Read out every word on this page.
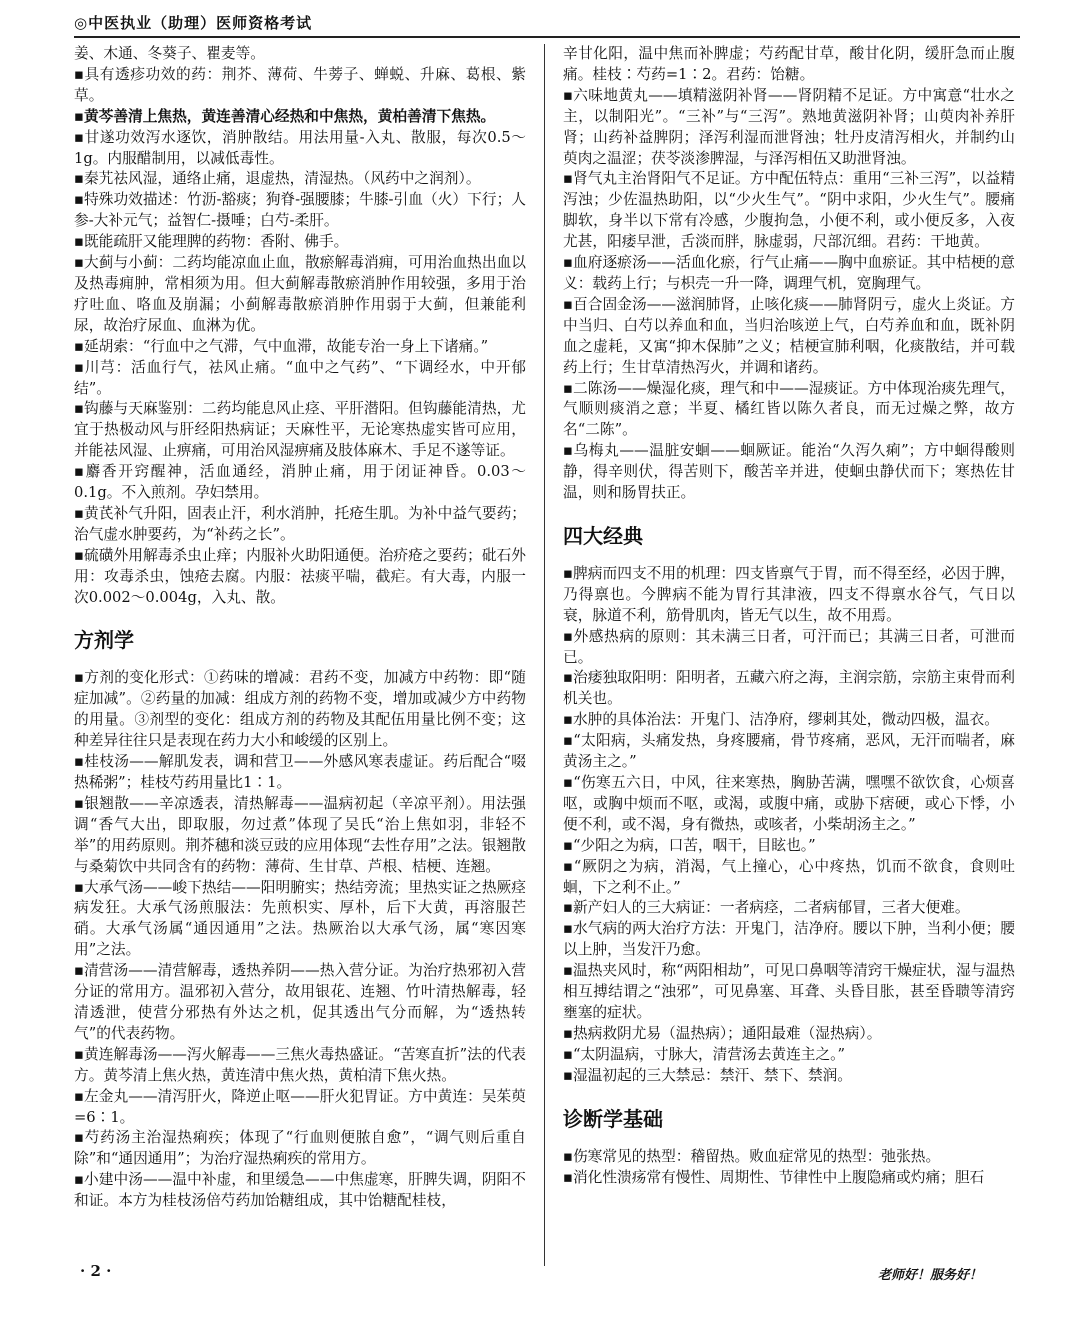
◎中医执业（助理）医师资格考试

姜、木通、冬葵子、瞿麦等。

▪具有透疹功效的药：荆芥、薄荷、牛蒡子、蝉蜕、升麻、葛根、紫草。

▪黄芩善清上焦热，黄连善清心经热和中焦热，黄柏善清下焦热。

▪甘遂功效泻水逐饮，消肿散结。用法用量-入丸、散服，每次0.5～1g。内服醋制用，以减低毒性。

▪秦艽祛风湿，通络止痛，退虚热，清湿热。（风药中之润剂）。

▪特殊功效描述：竹沥-豁痰；狗脊-强腰膝；牛膝-引血（火）下行；人参-大补元气；益智仁-摄唾；白芍-柔肝。

▪既能疏肝又能理脾的药物：香附、佛手。

▪大蓟与小蓟：二药均能凉血止血，散瘀解毒消痈，可用治血热出血以及热毒痈肿，常相须为用。但大蓟解毒散瘀消肿作用较强，多用于治疗吐血、咯血及崩漏；小蓟解毒散瘀消肿作用弱于大蓟，但兼能利尿，故治疗尿血、血淋为优。

▪延胡索：“行血中之气滞，气中血滞，故能专治一身上下诸痛。”

▪川芎：活血行气，祛风止痛。“血中之气药”、“下调经水，中开郁结”。

▪钩藤与天麻鉴别：二药均能息风止痉、平肝潜阳。但钩藤能清热，尤宜于热极动风与肝经阳热病证；天麻性平，无论寒热虚实皆可应用，并能祛风湿、止痹痛，可用治风湿痹痛及肢体麻木、手足不遂等证。

▪麝香开窍醒神，活血通经，消肿止痛，用于闭证神昏。0.03～0.1g。不入煎剂。孕妇禁用。

▪黄芪补气升阳，固表止汗，利水消肿，托疮生肌。为补中益气要药；治气虚水肿要药，为“补药之长”。

▪硫磺外用解毒杀虫止痒；内服补火助阳通便。治疥疮之要药；砒石外用：攻毒杀虫，蚀疮去腐。内服：祛痰平喘，截疟。有大毒，内服一次0.002～0.004g，入丸、散。

方剂学

▪方剂的变化形式：①药味的增减：君药不变，加减方中药物：即“随症加减”。②药量的加减：组成方剂的药物不变，增加或减少方中药物的用量。③剂型的变化：组成方剂的药物及其配伍用量比例不变；这种差异往往只是表现在药力大小和峻缓的区别上。

▪桂枝汤——解肌发表，调和营卫——外感风寒表虚证。药后配合“啜热稀粥”；桂枝芍药用量比1∶1。

▪银翘散——辛凉透表，清热解毒——温病初起（辛凉平剂）。用法强调“香气大出，即取服，勿过煮”体现了吴氏“治上焦如羽，非轻不举”的用药原则。荆芥穗和淡豆豉的应用体现“去性存用”之法。银翘散与桑菊饮中共同含有的药物：薄荷、生甘草、芦根、桔梗、连翘。

▪大承气汤——峻下热结——阳明腑实；热结旁流；里热实证之热厥痉病发狂。大承气汤煎服法：先煎枳实、厚朴，后下大黄，再溶服芒硝。大承气汤属“通因通用”之法。热厥治以大承气汤，属“寒因寒用”之法。

▪清营汤——清营解毒，透热养阴——热入营分证。为治疗热邪初入营分证的常用方。温邪初入营分，故用银花、连翘、竹叶清热解毒，轻清透泄，使营分邪热有外达之机，促其透出气分而解，为“透热转气”的代表药物。

▪黄连解毒汤——泻火解毒——三焦火毒热盛证。“苦寒直折”法的代表方。黄芩清上焦火热，黄连清中焦火热，黄柏清下焦火热。

▪左金丸——清泻肝火，降逆止呕——肝火犯胃证。方中黄连：吴茱萸=6∶1。

▪芍药汤主治湿热痢疾；体现了“行血则便脓自愈”，“调气则后重自除”和“通因通用”；为治疗湿热痢疾的常用方。

▪小建中汤——温中补虚，和里缓急——中焦虚寒，肝脾失调，阴阳不和证。本方为桂枝汤倍芍药加饴糖组成，其中饴糖配桂枝，

辛甘化阳，温中焦而补脾虚；芍药配甘草，酸甘化阴，缓肝急而止腹痛。桂枝∶芍药=1∶2。君药：饴糖。

▪六味地黄丸——填精滋阴补肾——肾阴精不足证。方中寓意“壮水之主，以制阳光”。“三补”与“三泻”。熟地黄滋阴补肾；山萸肉补养肝肾；山药补益脾阴；泽泻利湿而泄肾浊；牡丹皮清泻相火，并制约山萸肉之温涩；茯苓淡渗脾湿，与泽泻相伍又助泄肾浊。

▪肾气丸主治肾阳气不足证。方中配伍特点：重用“三补三泻”，以益精泻浊；少佐温热助阳，以“少火生气”。“阴中求阳，少火生气”。腰痛脚软，身半以下常有冷感，少腹拘急，小便不利，或小便反多，入夜尤甚，阳痿早泄，舌淡而胖，脉虚弱，尺部沉细。君药：干地黄。

▪血府逐瘀汤——活血化瘀，行气止痛——胸中血瘀证。其中桔梗的意义：载药上行；与枳壳一升一降，调理气机，宽胸理气。

▪百合固金汤——滋润肺肾，止咳化痰——肺肾阴亏，虚火上炎证。方中当归、白芍以养血和血，当归治咳逆上气，白芍养血和血，既补阴血之虚耗，又寓“抑木保肺”之义；桔梗宣肺利咽，化痰散结，并可载药上行；生甘草清热泻火，并调和诸药。

▪二陈汤——燥湿化痰，理气和中——湿痰证。方中体现治痰先理气，气顺则痰消之意；半夏、橘红皆以陈久者良，而无过燥之弊，故方名“二陈”。

▪乌梅丸——温脏安蛔——蛔厥证。能治“久泻久痢”；方中蛔得酸则静，得辛则伏，得苦则下，酸苦辛并进，使蛔虫静伏而下；寒热佐甘温，则和肠胃扶正。

四大经典

▪脾病而四支不用的机理：四支皆禀气于胃，而不得至经，必因于脾，乃得禀也。今脾病不能为胃行其津液，四支不得禀水谷气，气日以衰，脉道不利，筋骨肌肉，皆无气以生，故不用焉。

▪外感热病的原则：其未满三日者，可汗而已；其满三日者，可泄而已。

▪治痿独取阳明：阳明者，五藏六府之海，主润宗筋，宗筋主束骨而利机关也。

▪水肿的具体治法：开鬼门、洁净府，缪刺其处，微动四极，温衣。

▪“太阳病，头痛发热，身疼腰痛，骨节疼痛，恶风，无汗而喘者，麻黄汤主之。”

▪“伤寒五六日，中风，往来寒热，胸胁苦满，嘿嘿不欲饮食，心烦喜呕，或胸中烦而不呕，或渴，或腹中痛，或胁下痞硬，或心下悸，小便不利，或不渴，身有微热，或咳者，小柴胡汤主之。”

▪“少阳之为病，口苦，咽干，目眩也。”

▪“厥阴之为病，消渴，气上撞心，心中疼热，饥而不欲食，食则吐蛔，下之利不止。”

▪新产妇人的三大病证：一者病痉，二者病郁冒，三者大便难。

▪水气病的两大治疗方法：开鬼门，洁净府。腰以下肿，当利小便；腰以上肿，当发汗乃愈。

▪温热夹风时，称“两阳相劫”，可见口鼻咽等清窍干燥症状，湿与温热相互搏结谓之“浊邪”，可见鼻塞、耳聋、头昏目胀，甚至昏聩等清窍壅塞的症状。

▪热病救阴尤易（温热病）；通阳最难（湿热病）。

▪“太阴温病，寸脉大，清营汤去黄连主之。”

▪湿温初起的三大禁忌：禁汗、禁下、禁润。

诊断学基础

▪伤寒常见的热型：稽留热。败血症常见的热型：弛张热。

▪消化性溃疡常有慢性、周期性、节律性中上腹隐痛或灼痛；胆石

· 2 ·	老师好！服务好！
